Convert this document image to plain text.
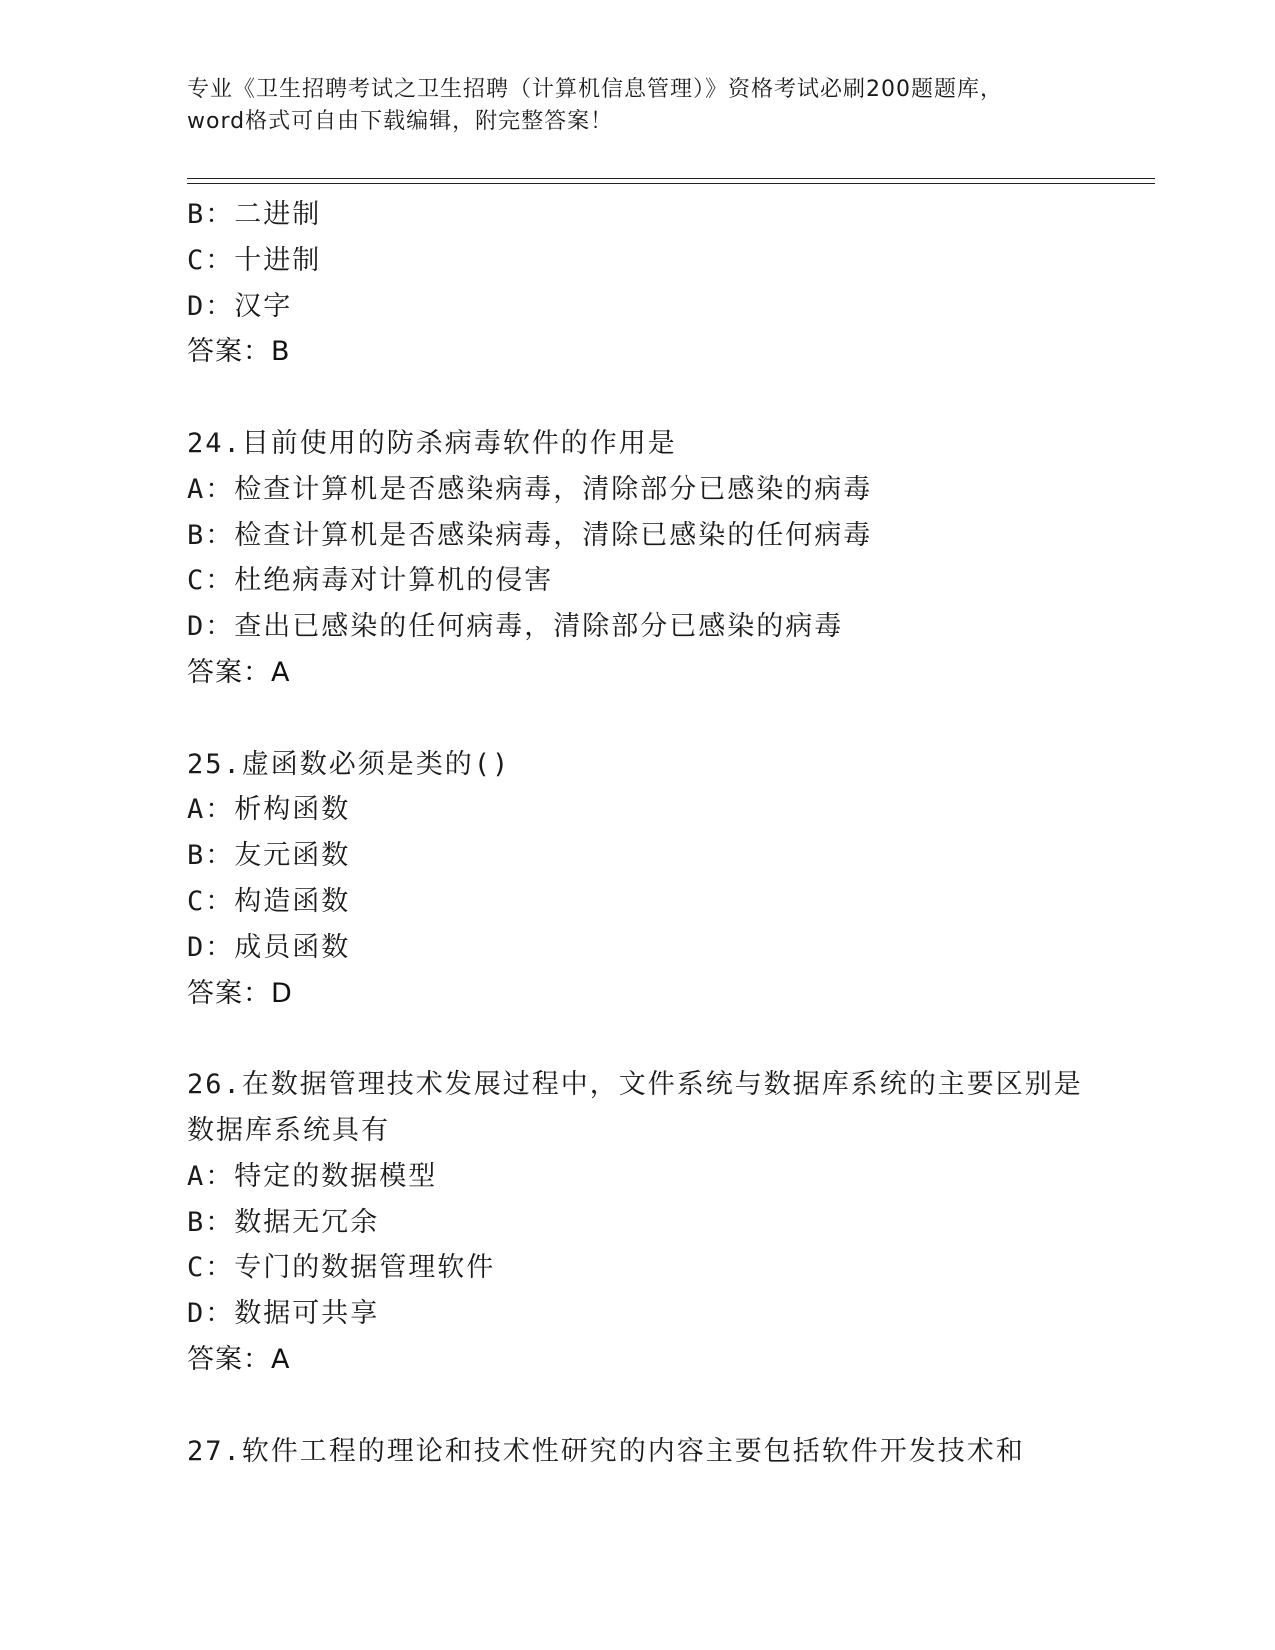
专业《卫生招聘考试之卫生招聘（计算机信息管理）》资格考试必刷200题题库，
word格式可自由下载编辑，附完整答案！
B：二进制
C：十进制
D：汉字
答案：B
24.目前使用的防杀病毒软件的作用是
A：检查计算机是否感染病毒，清除部分已感染的病毒
B：检查计算机是否感染病毒，清除已感染的任何病毒
C：杜绝病毒对计算机的侵害
D：查出已感染的任何病毒，清除部分已感染的病毒
答案：A
25.虚函数必须是类的()
A：析构函数
B：友元函数
C：构造函数
D：成员函数
答案：D
26.在数据管理技术发展过程中，文件系统与数据库系统的主要区别是
数据库系统具有
A：特定的数据模型
B：数据无冗余
C：专门的数据管理软件
D：数据可共享
答案：A
27.软件工程的理论和技术性研究的内容主要包括软件开发技术和
